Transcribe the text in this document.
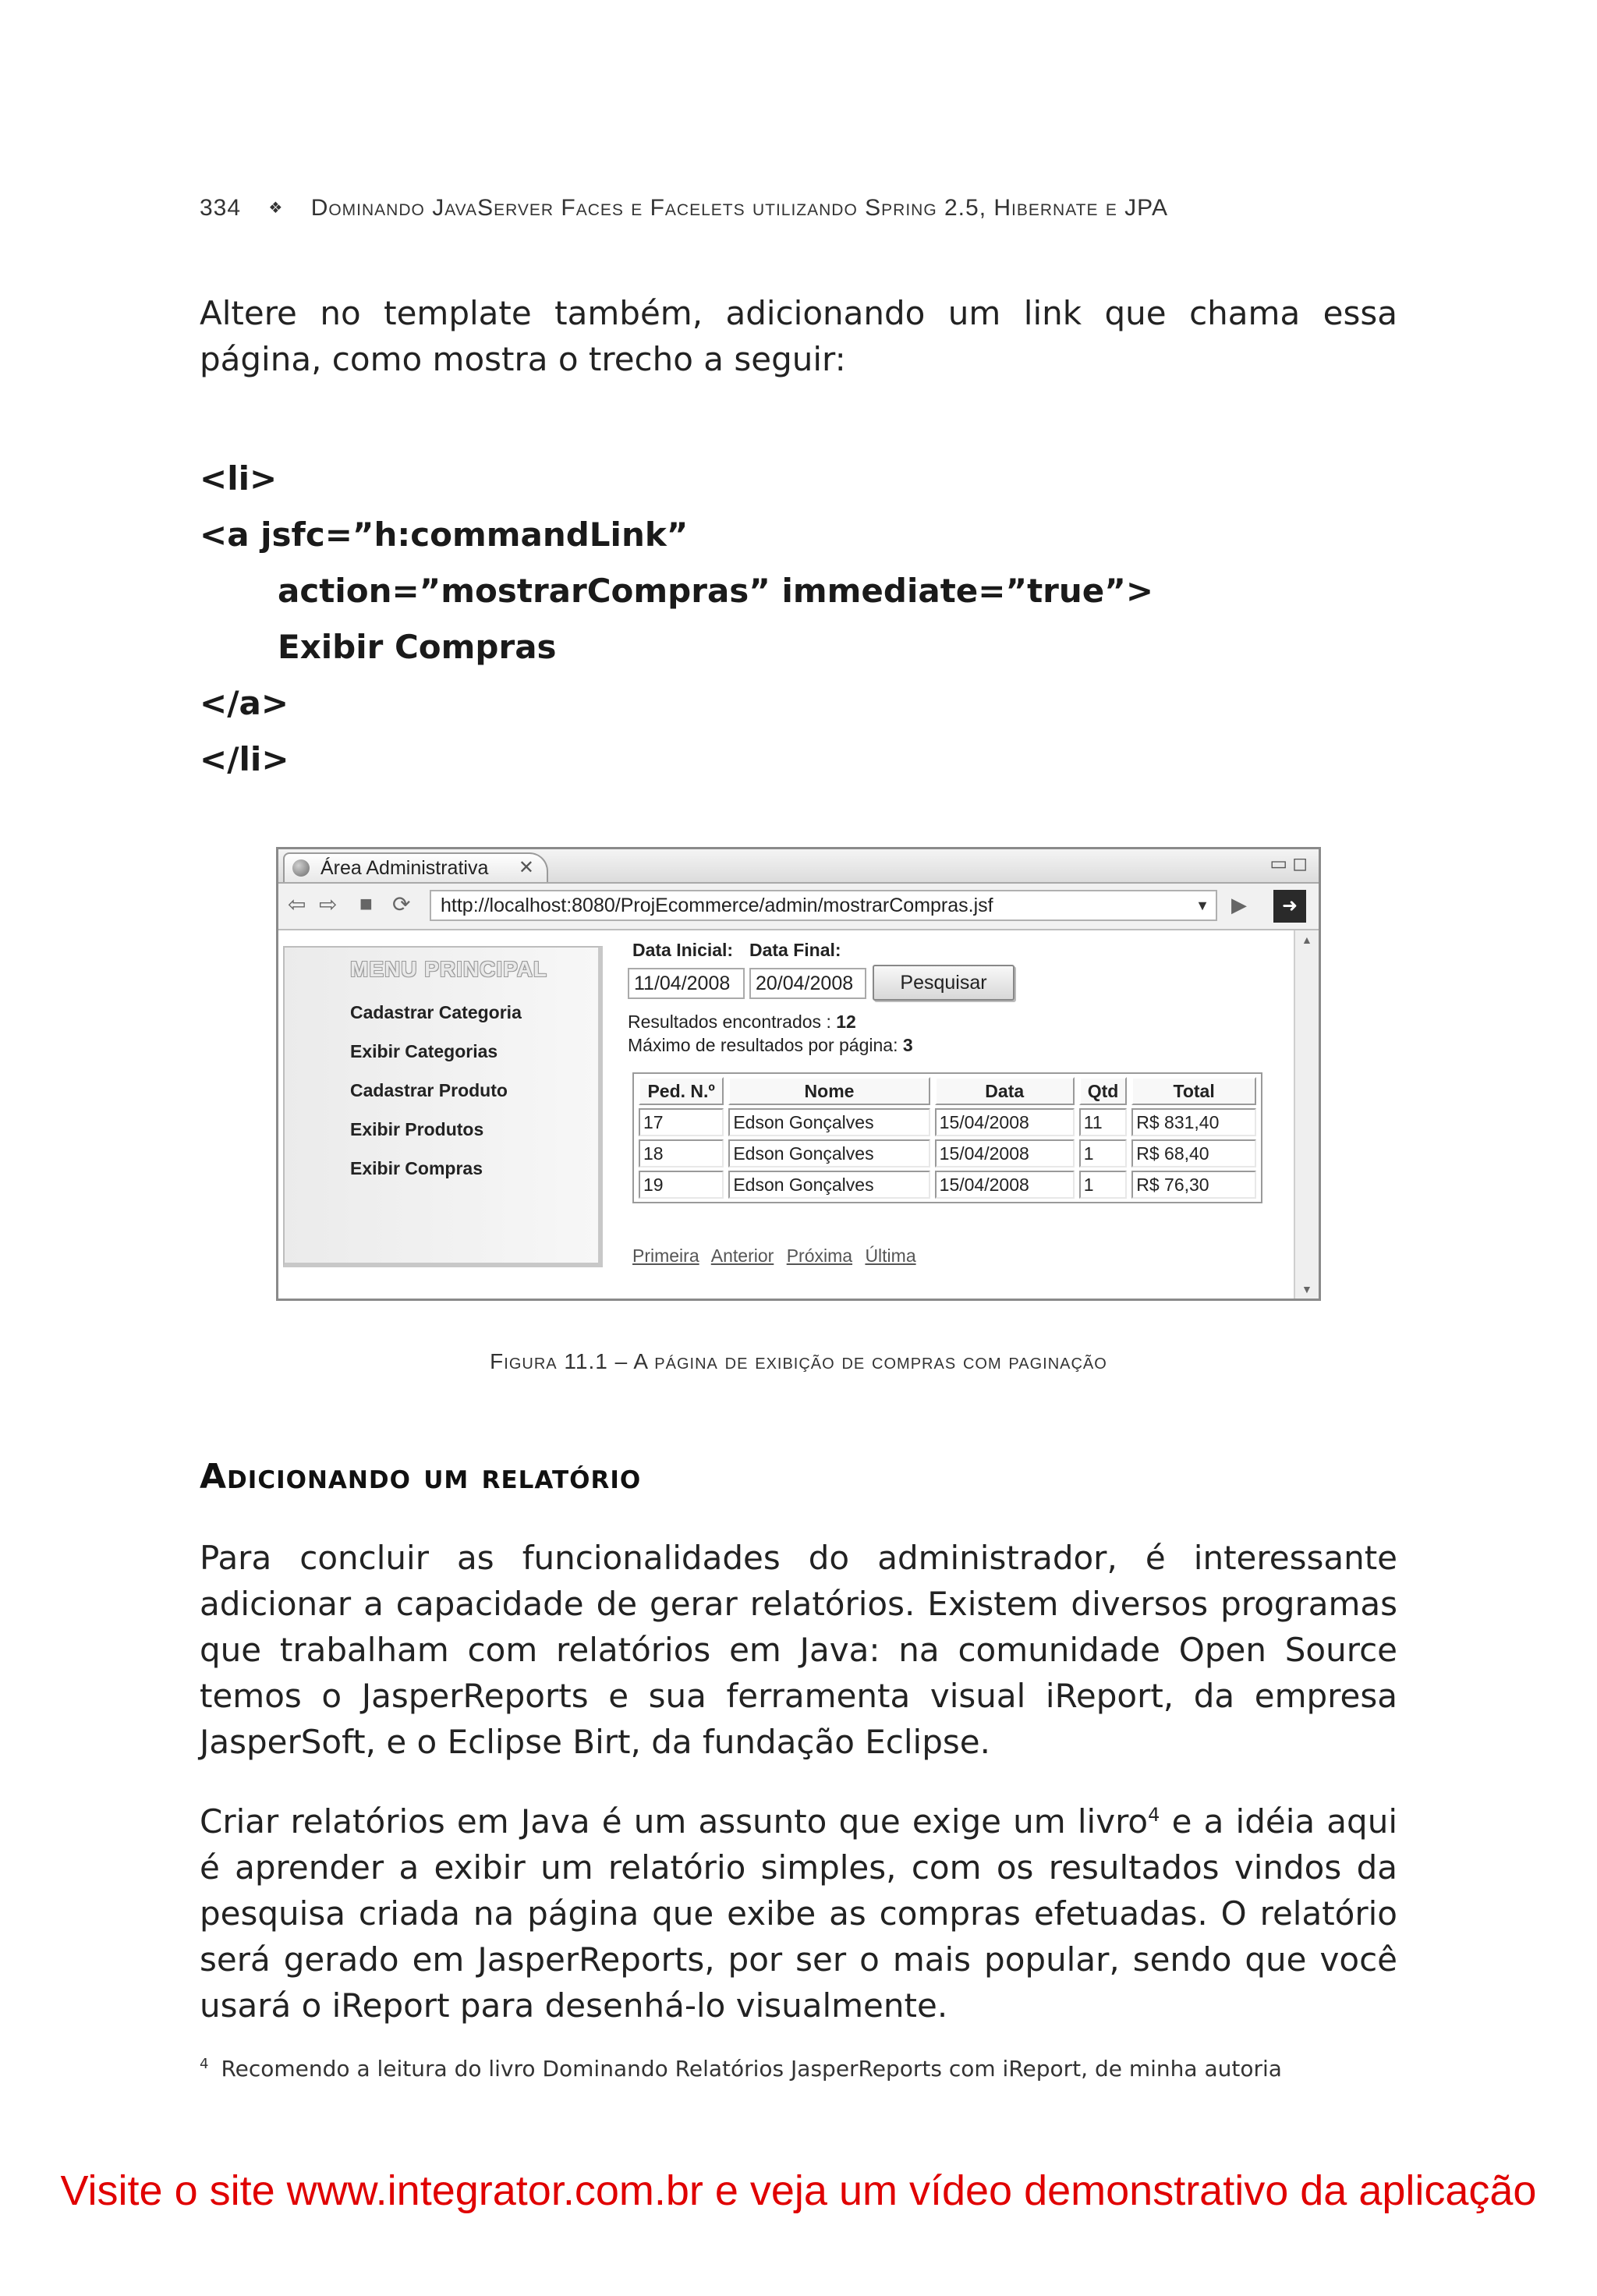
334 ❖ Dominando JavaServer Faces e Facelets utilizando Spring 2.5, Hibernate e JPA
Altere no template também, adicionando um link que chama essa página, como mostra o trecho a seguir:
<li>
<a jsfc=”h:commandLink”
action=”mostrarCompras” immediate=”true”>
Exibir Compras
</a>
</li>
Área Administrativa ✕	▭◻
⇦ ⇨ ■ ⟳	http://localhost:8080/ProjEcommerce/admin/mostrarCompras.jsf	▼ ▶	➜
MENU PRINCIPAL
Cadastrar Categoria
Exibir Categorias
Cadastrar Produto
Exibir Produtos
Exibir Compras
Data Inicial: Data Final:
11/04/2008	20/04/2008	Pesquisar
Resultados encontrados : 12
Máximo de resultados por página: 3
Ped. N.º	Nome	Data	Qtd	Total
17	Edson Gonçalves	15/04/2008	11	R$ 831,40
18	Edson Gonçalves	15/04/2008	1	R$ 68,40
19	Edson Gonçalves	15/04/2008	1	R$ 76,30
Primeira Anterior Próxima Última
▲
▼
Figura 11.1 – A página de exibição de compras com paginação
Adicionando um relatório
Para concluir as funcionalidades do administrador, é interessante adicionar a capacidade de gerar relatórios. Existem diversos programas que trabalham com relatórios em Java: na comunidade Open Source temos o JasperReports e sua ferramenta visual iReport, da empresa JasperSoft, e o Eclipse Birt, da fundação Eclipse.
Criar relatórios em Java é um assunto que exige um livro$^4$ e a idéia aqui é aprender a exibir um relatório simples, com os resultados vindos da pesquisa criada na página que exibe as compras efetuadas. O relatório será gerado em JasperReports, por ser o mais popular, sendo que você usará o iReport para desenhá-lo visualmente.
$^4$ Recomendo a leitura do livro Dominando Relatórios JasperReports com iReport, de minha autoria
Visite o site www.integrator.com.br e veja um vídeo demonstrativo da aplicação
